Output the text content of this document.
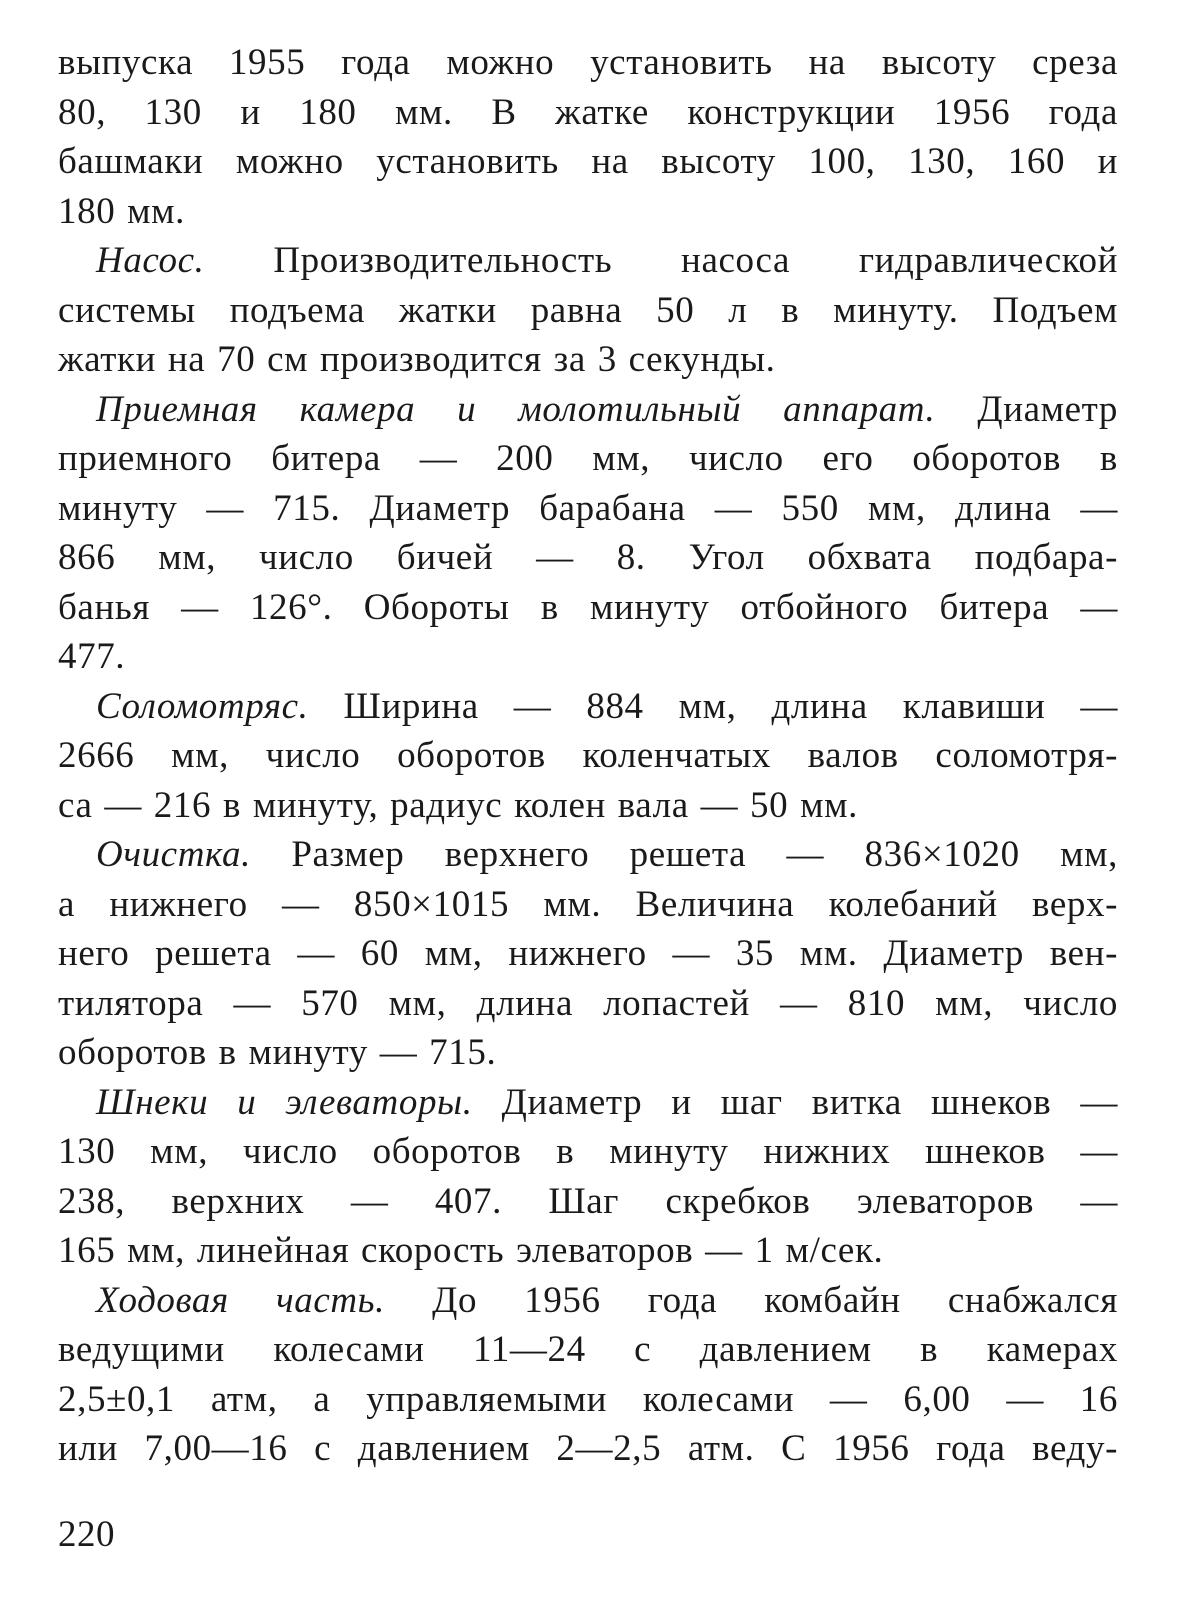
выпуска 1955 года можно установить на высоту среза
80, 130 и 180 мм. В жатке конструкции 1956 года
башмаки можно установить на высоту 100, 130, 160 и
180 мм.

Насос. Производительность насоса гидравлической
системы подъема жатки равна 50 л в минуту. Подъем
жатки на 70 см производится за 3 секунды.

Приемная камера и молотильный аппарат. Диаметр
приемного битера — 200 мм, число его оборотов в
минуту — 715. Диаметр барабана — 550 мм, длина —
866 мм, число бичей — 8. Угол обхвата подбара-
банья — 126°. Обороты в минуту отбойного битера —
477.

Соломотряс. Ширина — 884 мм, длина клавиши —
2666 мм, число оборотов коленчатых валов соломотря-
са — 216 в минуту, радиус колен вала — 50 мм.

Очистка. Размер верхнего решета — 836×1020 мм,
а нижнего — 850×1015 мм. Величина колебаний верх-
него решета — 60 мм, нижнего — 35 мм. Диаметр вен-
тилятора — 570 мм, длина лопастей — 810 мм, число
оборотов в минуту — 715.

Шнеки и элеваторы. Диаметр и шаг витка шнеков —
130 мм, число оборотов в минуту нижних шнеков —
238, верхних — 407. Шаг скребков элеваторов —
165 мм, линейная скорость элеваторов — 1 м/сек.

Ходовая часть. До 1956 года комбайн снабжался
ведущими колесами 11—24 с давлением в камерах
2,5±0,1 атм, а управляемыми колесами — 6,00 — 16
или 7,00—16 с давлением 2—2,5 атм. С 1956 года веду-

220
